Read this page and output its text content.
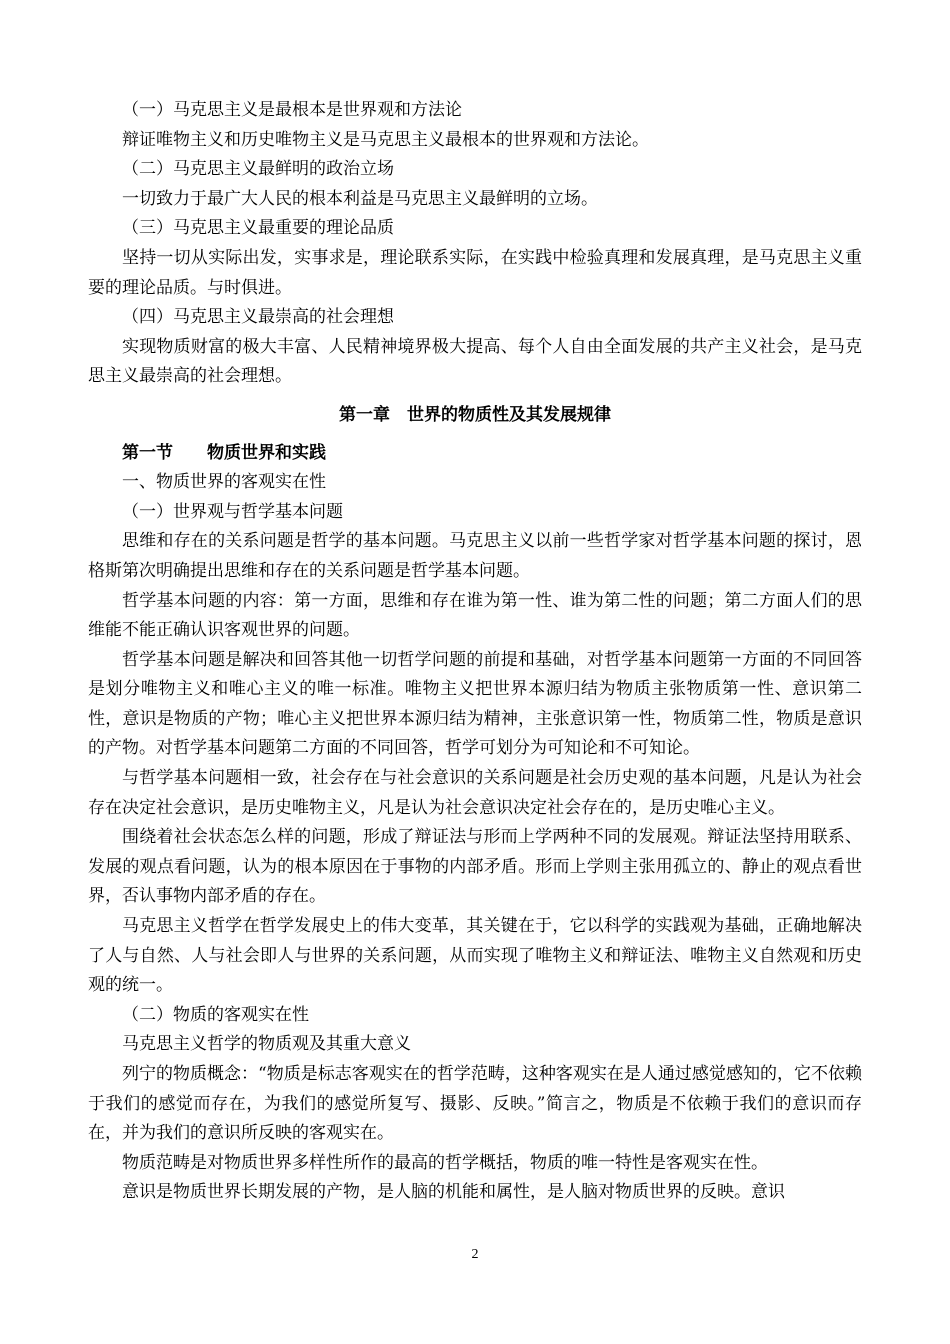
（一）马克思主义是最根本是世界观和方法论

辩证唯物主义和历史唯物主义是马克思主义最根本的世界观和方法论。

（二）马克思主义最鲜明的政治立场

一切致力于最广大人民的根本利益是马克思主义最鲜明的立场。

（三）马克思主义最重要的理论品质

坚持一切从实际出发，实事求是，理论联系实际，在实践中检验真理和发展真理，是马克思主义重要的理论品质。与时俱进。

（四）马克思主义最崇高的社会理想

实现物质财富的极大丰富、人民精神境界极大提高、每个人自由全面发展的共产主义社会，是马克思主义最崇高的社会理想。

第一章　世界的物质性及其发展规律

第一节 物质世界和实践

一、物质世界的客观实在性

（一）世界观与哲学基本问题

思维和存在的关系问题是哲学的基本问题。马克思主义以前一些哲学家对哲学基本问题的探讨，恩格斯第次明确提出思维和存在的关系问题是哲学基本问题。

哲学基本问题的内容：第一方面，思维和存在谁为第一性、谁为第二性的问题；第二方面人们的思维能不能正确认识客观世界的问题。

哲学基本问题是解决和回答其他一切哲学问题的前提和基础，对哲学基本问题第一方面的不同回答是划分唯物主义和唯心主义的唯一标准。唯物主义把世界本源归结为物质主张物质第一性、意识第二性，意识是物质的产物；唯心主义把世界本源归结为精神，主张意识第一性，物质第二性，物质是意识的产物。对哲学基本问题第二方面的不同回答，哲学可划分为可知论和不可知论。

与哲学基本问题相一致，社会存在与社会意识的关系问题是社会历史观的基本问题，凡是认为社会存在决定社会意识，是历史唯物主义，凡是认为社会意识决定社会存在的，是历史唯心主义。

围绕着社会状态怎么样的问题，形成了辩证法与形而上学两种不同的发展观。辩证法坚持用联系、发展的观点看问题，认为的根本原因在于事物的内部矛盾。形而上学则主张用孤立的、静止的观点看世界，否认事物内部矛盾的存在。

马克思主义哲学在哲学发展史上的伟大变革，其关键在于，它以科学的实践观为基础，正确地解决了人与自然、人与社会即人与世界的关系问题，从而实现了唯物主义和辩证法、唯物主义自然观和历史观的统一。

（二）物质的客观实在性

马克思主义哲学的物质观及其重大意义

列宁的物质概念：“物质是标志客观实在的哲学范畴，这种客观实在是人通过感觉感知的，它不依赖于我们的感觉而存在，为我们的感觉所复写、摄影、反映。”简言之，物质是不依赖于我们的意识而存在，并为我们的意识所反映的客观实在。

物质范畴是对物质世界多样性所作的最高的哲学概括，物质的唯一特性是客观实在性。

意识是物质世界长期发展的产物，是人脑的机能和属性，是人脑对物质世界的反映。意识

2
